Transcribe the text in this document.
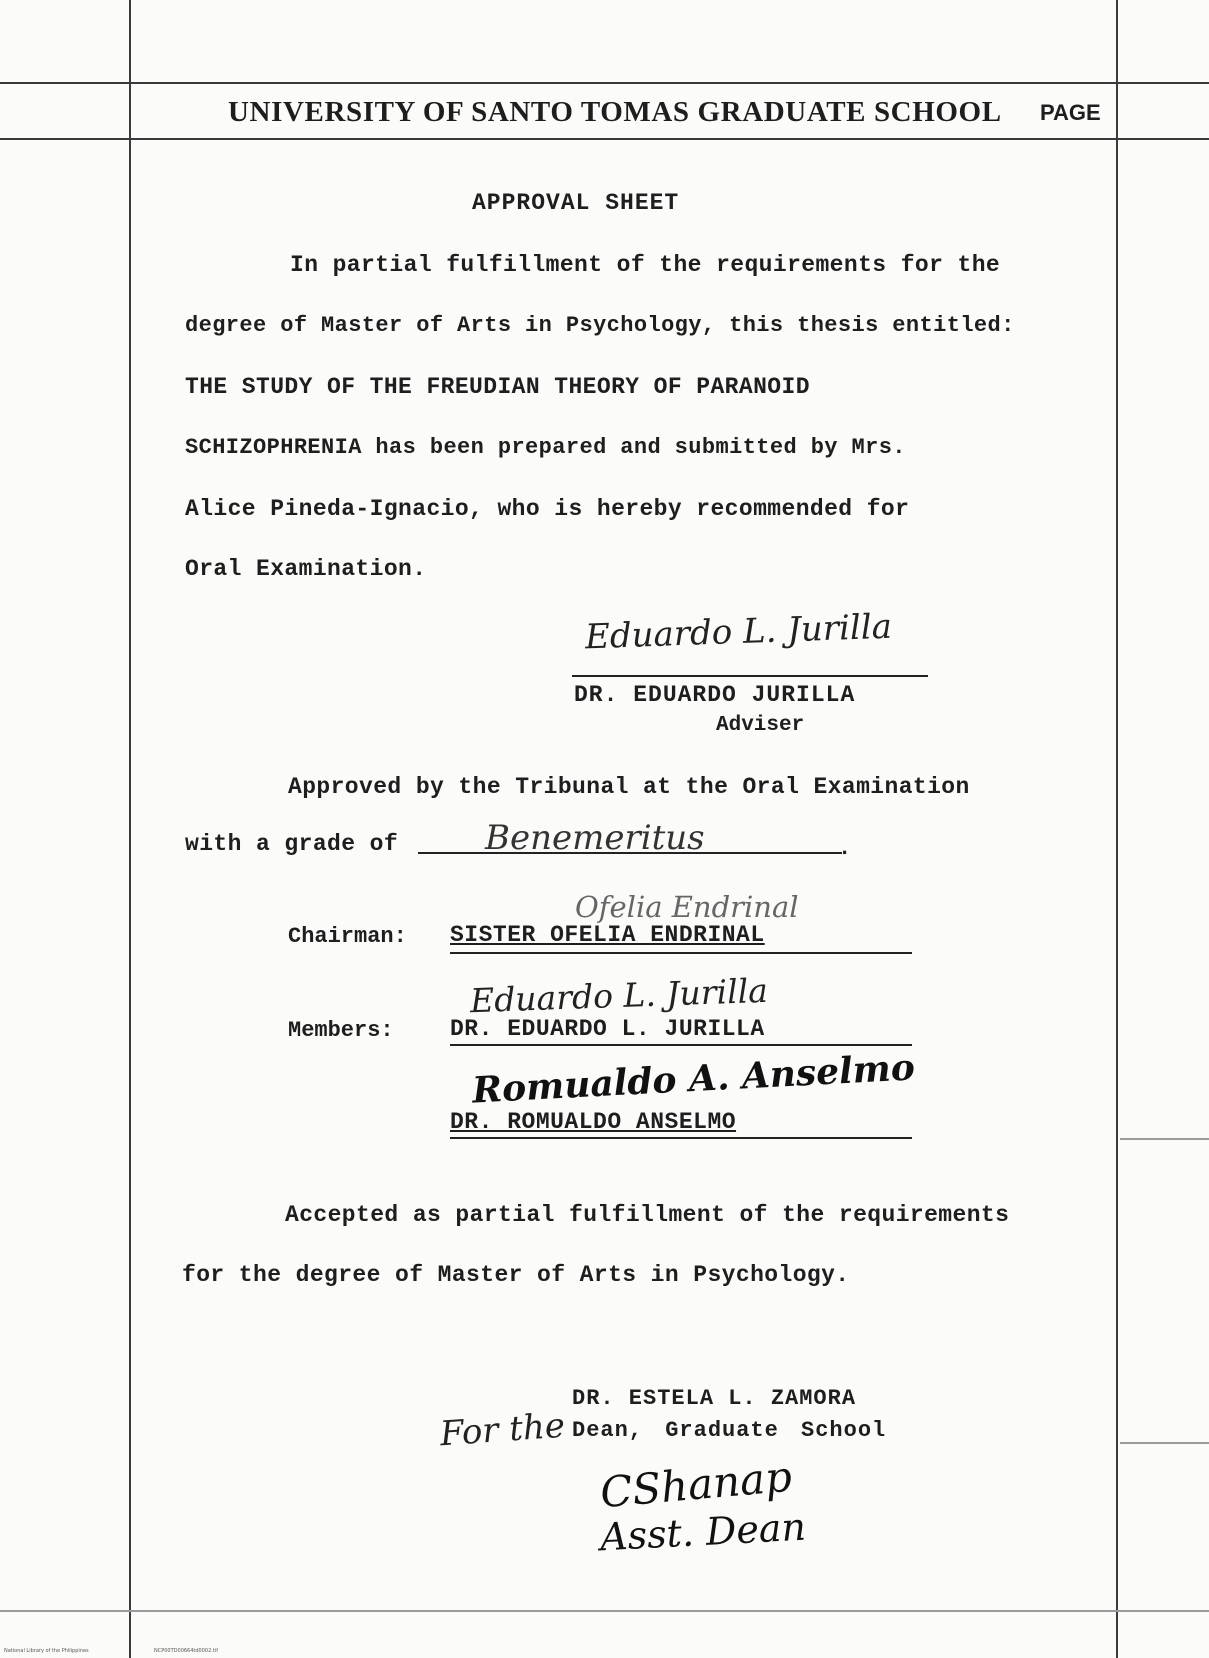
UNIVERSITY OF SANTO TOMAS GRADUATE SCHOOL PAGE
APPROVAL SHEET
In partial fulfillment of the requirements for the
degree of Master of Arts in Psychology, this thesis entitled:
THE STUDY OF THE FREUDIAN THEORY OF PARANOID
SCHIZOPHRENIA has been prepared and submitted by Mrs.
Alice Pineda-Ignacio, who is hereby recommended for
Oral Examination.
Eduardo L. Jurilla
DR. EDUARDO JURILLA
Adviser
Approved by the Tribunal at the Oral Examination
with a grade of	Benemeritus	.
Ofelia Endrinal
Chairman: SISTER OFELIA ENDRINAL
Eduardo L. Jurilla
Members: DR. EDUARDO L. JURILLA
Romualdo A. Anselmo
DR. ROMUALDO ANSELMO
Accepted as partial fulfillment of the requirements
for the degree of Master of Arts in Psychology.
DR. ESTELA L. ZAMORA
Dean, Graduate School
For the
CShanap
Asst. Dean
National Library of the Philippines	NCP00TD00664td0002.tif
